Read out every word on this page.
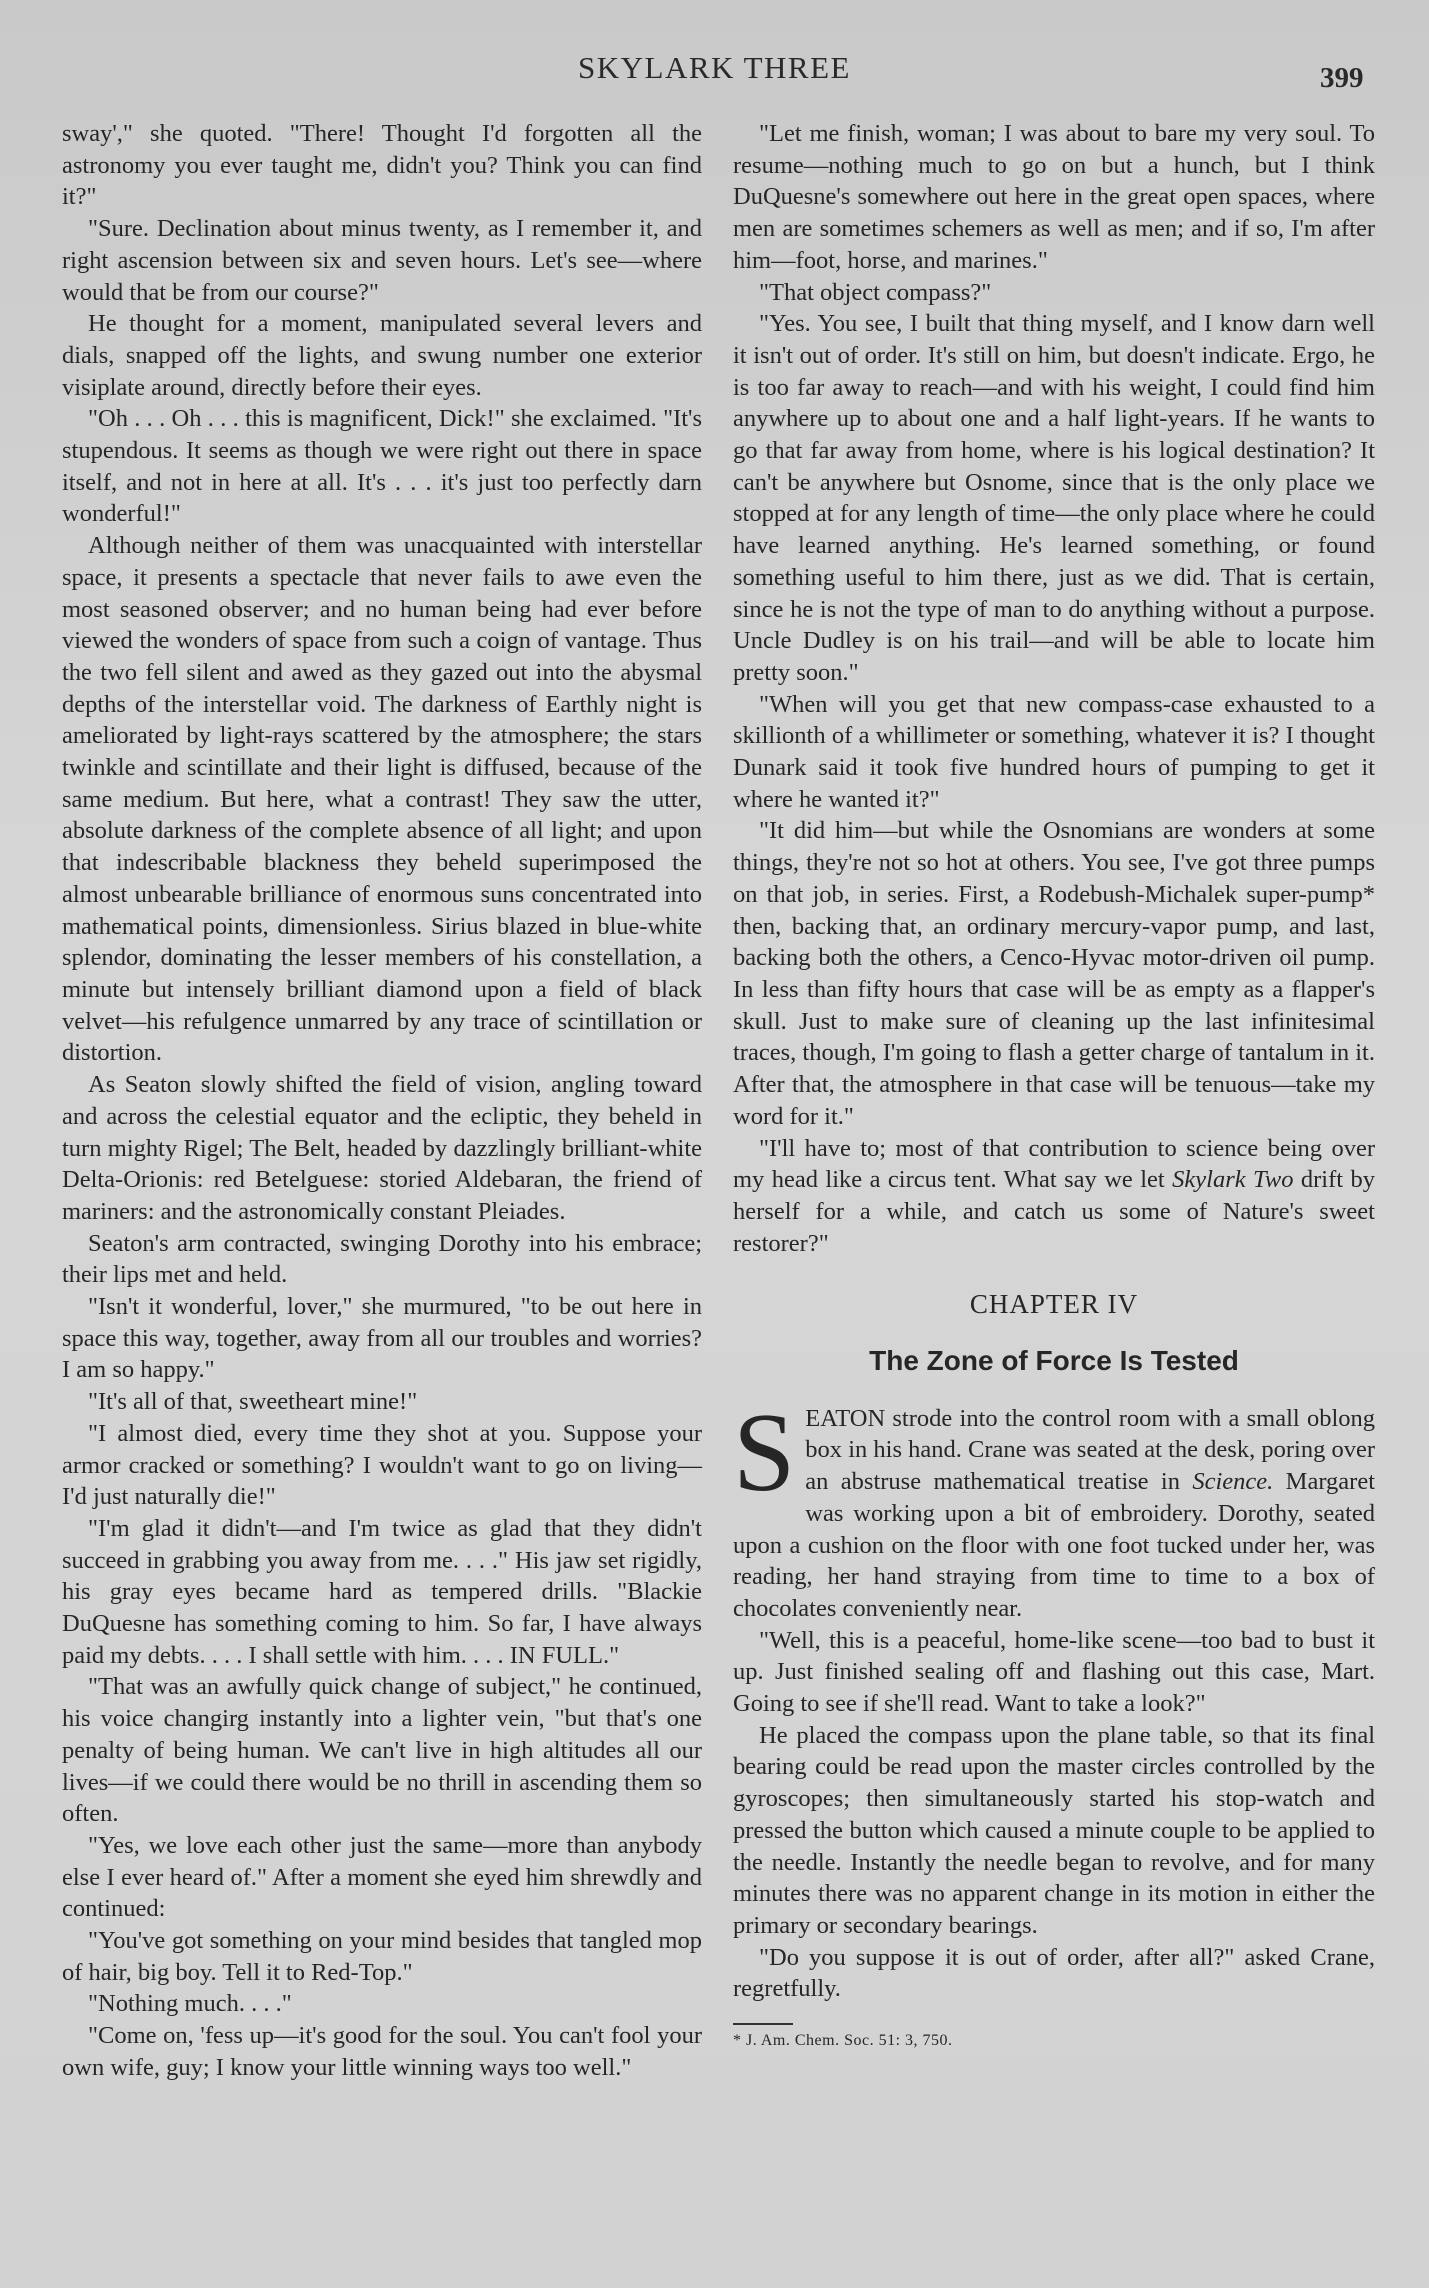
SKYLARK THREE	399

sway'," she quoted. "There! Thought I'd forgotten all the astronomy you ever taught me, didn't you? Think you can find it?"

"Sure. Declination about minus twenty, as I remember it, and right ascension between six and seven hours. Let's see—where would that be from our course?"

He thought for a moment, manipulated several levers and dials, snapped off the lights, and swung number one exterior visiplate around, directly before their eyes.

"Oh . . . Oh . . . this is magnificent, Dick!" she exclaimed. "It's stupendous. It seems as though we were right out there in space itself, and not in here at all. It's . . . it's just too perfectly darn wonderful!"

Although neither of them was unacquainted with interstellar space, it presents a spectacle that never fails to awe even the most seasoned observer; and no human being had ever before viewed the wonders of space from such a coign of vantage. Thus the two fell silent and awed as they gazed out into the abysmal depths of the interstellar void. The darkness of Earthly night is ameliorated by light-rays scattered by the atmosphere; the stars twinkle and scintillate and their light is diffused, because of the same medium. But here, what a contrast! They saw the utter, absolute darkness of the complete absence of all light; and upon that indescribable blackness they beheld superimposed the almost unbearable brilliance of enormous suns concentrated into mathematical points, dimensionless. Sirius blazed in blue-white splendor, dominating the lesser members of his constellation, a minute but intensely brilliant diamond upon a field of black velvet—his refulgence unmarred by any trace of scintillation or distortion.

As Seaton slowly shifted the field of vision, angling toward and across the celestial equator and the ecliptic, they beheld in turn mighty Rigel; The Belt, headed by dazzlingly brilliant-white Delta-Orionis: red Betelguese: storied Aldebaran, the friend of mariners: and the astronomically constant Pleiades.

Seaton's arm contracted, swinging Dorothy into his embrace; their lips met and held.

"Isn't it wonderful, lover," she murmured, "to be out here in space this way, together, away from all our troubles and worries? I am so happy."

"It's all of that, sweetheart mine!"

"I almost died, every time they shot at you. Suppose your armor cracked or something? I wouldn't want to go on living—I'd just naturally die!"

"I'm glad it didn't—and I'm twice as glad that they didn't succeed in grabbing you away from me. . . ." His jaw set rigidly, his gray eyes became hard as tempered drills. "Blackie DuQuesne has something coming to him. So far, I have always paid my debts. . . . I shall settle with him. . . . IN FULL."

"That was an awfully quick change of subject," he continued, his voice changirg instantly into a lighter vein, "but that's one penalty of being human. We can't live in high altitudes all our lives—if we could there would be no thrill in ascending them so often.

"Yes, we love each other just the same—more than anybody else I ever heard of." After a moment she eyed him shrewdly and continued:

"You've got something on your mind besides that tangled mop of hair, big boy. Tell it to Red-Top."

"Nothing much. . . ."

"Come on, 'fess up—it's good for the soul. You can't fool your own wife, guy; I know your little winning ways too well."

"Let me finish, woman; I was about to bare my very soul. To resume—nothing much to go on but a hunch, but I think DuQuesne's somewhere out here in the great open spaces, where men are sometimes schemers as well as men; and if so, I'm after him—foot, horse, and marines."

"That object compass?"

"Yes. You see, I built that thing myself, and I know darn well it isn't out of order. It's still on him, but doesn't indicate. Ergo, he is too far away to reach—and with his weight, I could find him anywhere up to about one and a half light-years. If he wants to go that far away from home, where is his logical destination? It can't be anywhere but Osnome, since that is the only place we stopped at for any length of time—the only place where he could have learned anything. He's learned something, or found something useful to him there, just as we did. That is certain, since he is not the type of man to do anything without a purpose. Uncle Dudley is on his trail—and will be able to locate him pretty soon."

"When will you get that new compass-case exhausted to a skillionth of a whillimeter or something, whatever it is? I thought Dunark said it took five hundred hours of pumping to get it where he wanted it?"

"It did him—but while the Osnomians are wonders at some things, they're not so hot at others. You see, I've got three pumps on that job, in series. First, a Rodebush-Michalek super-pump* then, backing that, an ordinary mercury-vapor pump, and last, backing both the others, a Cenco-Hyvac motor-driven oil pump. In less than fifty hours that case will be as empty as a flapper's skull. Just to make sure of cleaning up the last infinitesimal traces, though, I'm going to flash a getter charge of tantalum in it. After that, the atmosphere in that case will be tenuous—take my word for it."

"I'll have to; most of that contribution to science being over my head like a circus tent. What say we let Skylark Two drift by herself for a while, and catch us some of Nature's sweet restorer?"

CHAPTER IV
The Zone of Force Is Tested

SEATON strode into the control room with a small oblong box in his hand. Crane was seated at the desk, poring over an abstruse mathematical treatise in Science. Margaret was working upon a bit of embroidery. Dorothy, seated upon a cushion on the floor with one foot tucked under her, was reading, her hand straying from time to time to a box of chocolates conveniently near.

"Well, this is a peaceful, home-like scene—too bad to bust it up. Just finished sealing off and flashing out this case, Mart. Going to see if she'll read. Want to take a look?"

He placed the compass upon the plane table, so that its final bearing could be read upon the master circles controlled by the gyroscopes; then simultaneously started his stop-watch and pressed the button which caused a minute couple to be applied to the needle. Instantly the needle began to revolve, and for many minutes there was no apparent change in its motion in either the primary or secondary bearings.

"Do you suppose it is out of order, after all?" asked Crane, regretfully.

* J. Am. Chem. Soc. 51: 3, 750.
